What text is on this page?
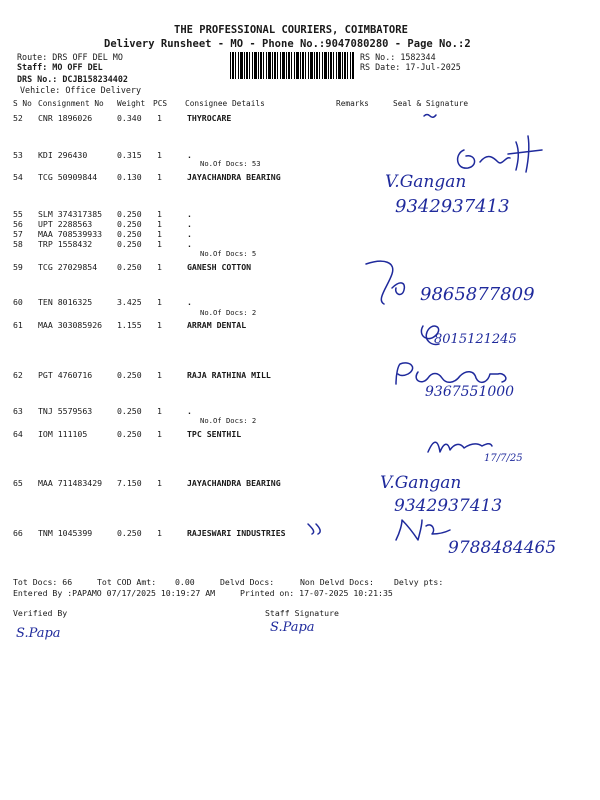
THE PROFESSIONAL COURIERS, COIMBATORE
Delivery Runsheet - MO - Phone No.:9047080280 - Page No.:2
Route: DRS OFF DEL MO
Staff: MO OFF DEL
DRS No.: DCJB158234402
Vehicle: Office Delivery
RS No.: 1582344
RS Date: 17-Jul-2025
S No Consignment No Weight PCS Consignee Details	Remarks	Seal & Signature
52 CNR 1896026	0.340 1	THYROCARE
53 KDI 296430	0.315 1	.
No.Of Docs: 53
54 TCG 50909844 0.130 1	JAYACHANDRA BEARING
55 SLM 374317385 0.250 1	.
56 UPT 2288563	0.250 1	.
57 MAA 708539933 0.250 1	.
58 TRP 1558432	0.250 1	.
No.Of Docs: 5
59 TCG 27029854 0.250 1	GANESH COTTON
60 TEN 8016325	3.425 1	.
No.Of Docs: 2
61 MAA 303085926 1.155 1	ARRAM DENTAL
62 PGT 4760716	0.250 1	RAJA RATHINA MILL
63 TNJ 5579563	0.250 1	.
No.Of Docs: 2
64 IOM 111105	0.250 1	TPC SENTHIL
65 MAA 711483429 7.150 1	JAYACHANDRA BEARING
66 TNM 1045399	0.250 1	RAJESWARI INDUSTRIES
V.Gangan
9342937413
9865877809
8015121245
9367551000
17/7/25
V.Gangan
9342937413
9788484465
Tot Docs: 66	Tot COD Amt: 0.00	Delvd Docs:	Non Delvd Docs: Delvy pts:
Entered By :PAPAMO 07/17/2025 10:19:27 AM	Printed on: 17-07-2025 10:21:35
Verified By	Staff Signature
S.Papa	S.Papa
